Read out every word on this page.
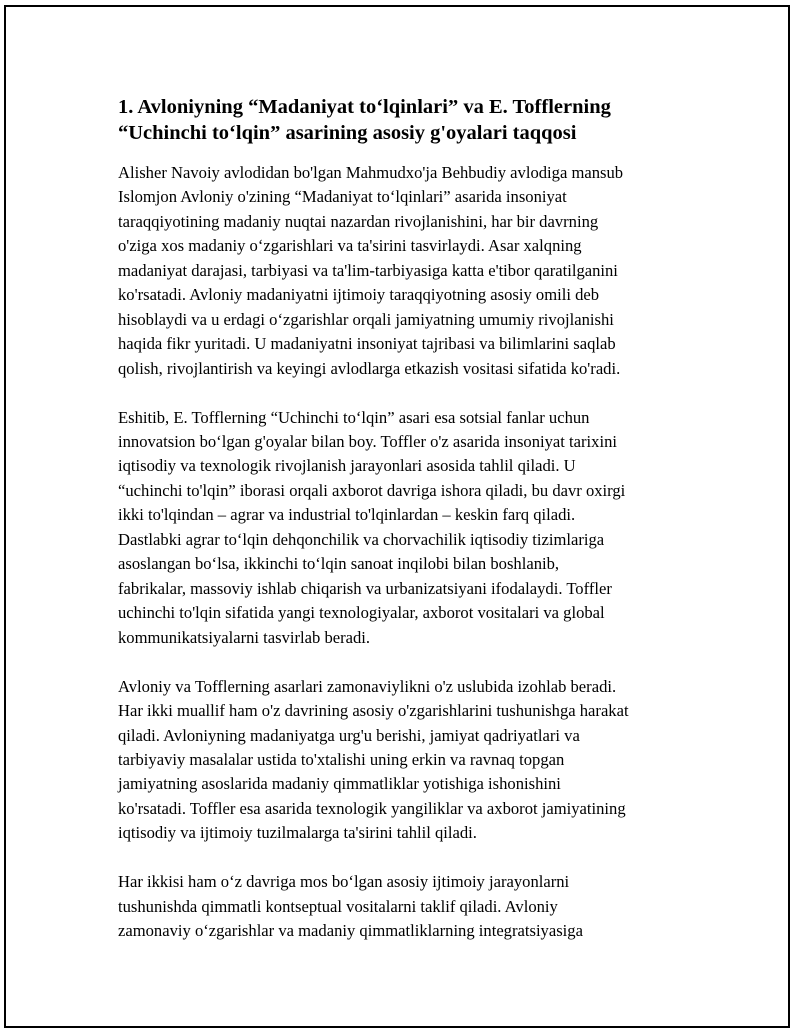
1. Avloniyning “Madaniyat to‘lqinlari” va E. Tofflerning
“Uchinchi to‘lqin” asarining asosiy g'oyalari taqqosi

Alisher Navoiy avlodidan bo'lgan Mahmudxo'ja Behbudiy avlodiga mansub
Islomjon Avloniy o'zining “Madaniyat to‘lqinlari” asarida insoniyat
taraqqiyotining madaniy nuqtai nazardan rivojlanishini, har bir davrning
o'ziga xos madaniy o‘zgarishlari va ta'sirini tasvirlaydi. Asar xalqning
madaniyat darajasi, tarbiyasi va ta'lim-tarbiyasiga katta e'tibor qaratilganini
ko'rsatadi. Avloniy madaniyatni ijtimoiy taraqqiyotning asosiy omili deb
hisoblaydi va u erdagi o‘zgarishlar orqali jamiyatning umumiy rivojlanishi
haqida fikr yuritadi. U madaniyatni insoniyat tajribasi va bilimlarini saqlab
qolish, rivojlantirish va keyingi avlodlarga etkazish vositasi sifatida ko'radi.

Eshitib, E. Tofflerning “Uchinchi to‘lqin” asari esa sotsial fanlar uchun
innovatsion bo‘lgan g'oyalar bilan boy. Toffler o'z asarida insoniyat tarixini
iqtisodiy va texnologik rivojlanish jarayonlari asosida tahlil qiladi. U
“uchinchi to'lqin” iborasi orqali axborot davriga ishora qiladi, bu davr oxirgi
ikki to'lqindan – agrar va industrial to'lqinlardan – keskin farq qiladi.
Dastlabki agrar to‘lqin dehqonchilik va chorvachilik iqtisodiy tizimlariga
asoslangan bo‘lsa, ikkinchi to‘lqin sanoat inqilobi bilan boshlanib,
fabrikalar, massoviy ishlab chiqarish va urbanizatsiyani ifodalaydi. Toffler
uchinchi to'lqin sifatida yangi texnologiyalar, axborot vositalari va global
kommunikatsiyalarni tasvirlab beradi.

Avloniy va Tofflerning asarlari zamonaviylikni o'z uslubida izohlab beradi.
Har ikki muallif ham o'z davrining asosiy o'zgarishlarini tushunishga harakat
qiladi. Avloniyning madaniyatga urg'u berishi, jamiyat qadriyatlari va
tarbiyaviy masalalar ustida to'xtalishi uning erkin va ravnaq topgan
jamiyatning asoslarida madaniy qimmatliklar yotishiga ishonishini
ko'rsatadi. Toffler esa asarida texnologik yangiliklar va axborot jamiyatining
iqtisodiy va ijtimoiy tuzilmalarga ta'sirini tahlil qiladi.

Har ikkisi ham o‘z davriga mos bo‘lgan asosiy ijtimoiy jarayonlarni
tushunishda qimmatli kontseptual vositalarni taklif qiladi. Avloniy
zamonaviy o‘zgarishlar va madaniy qimmatliklarning integratsiyasiga
